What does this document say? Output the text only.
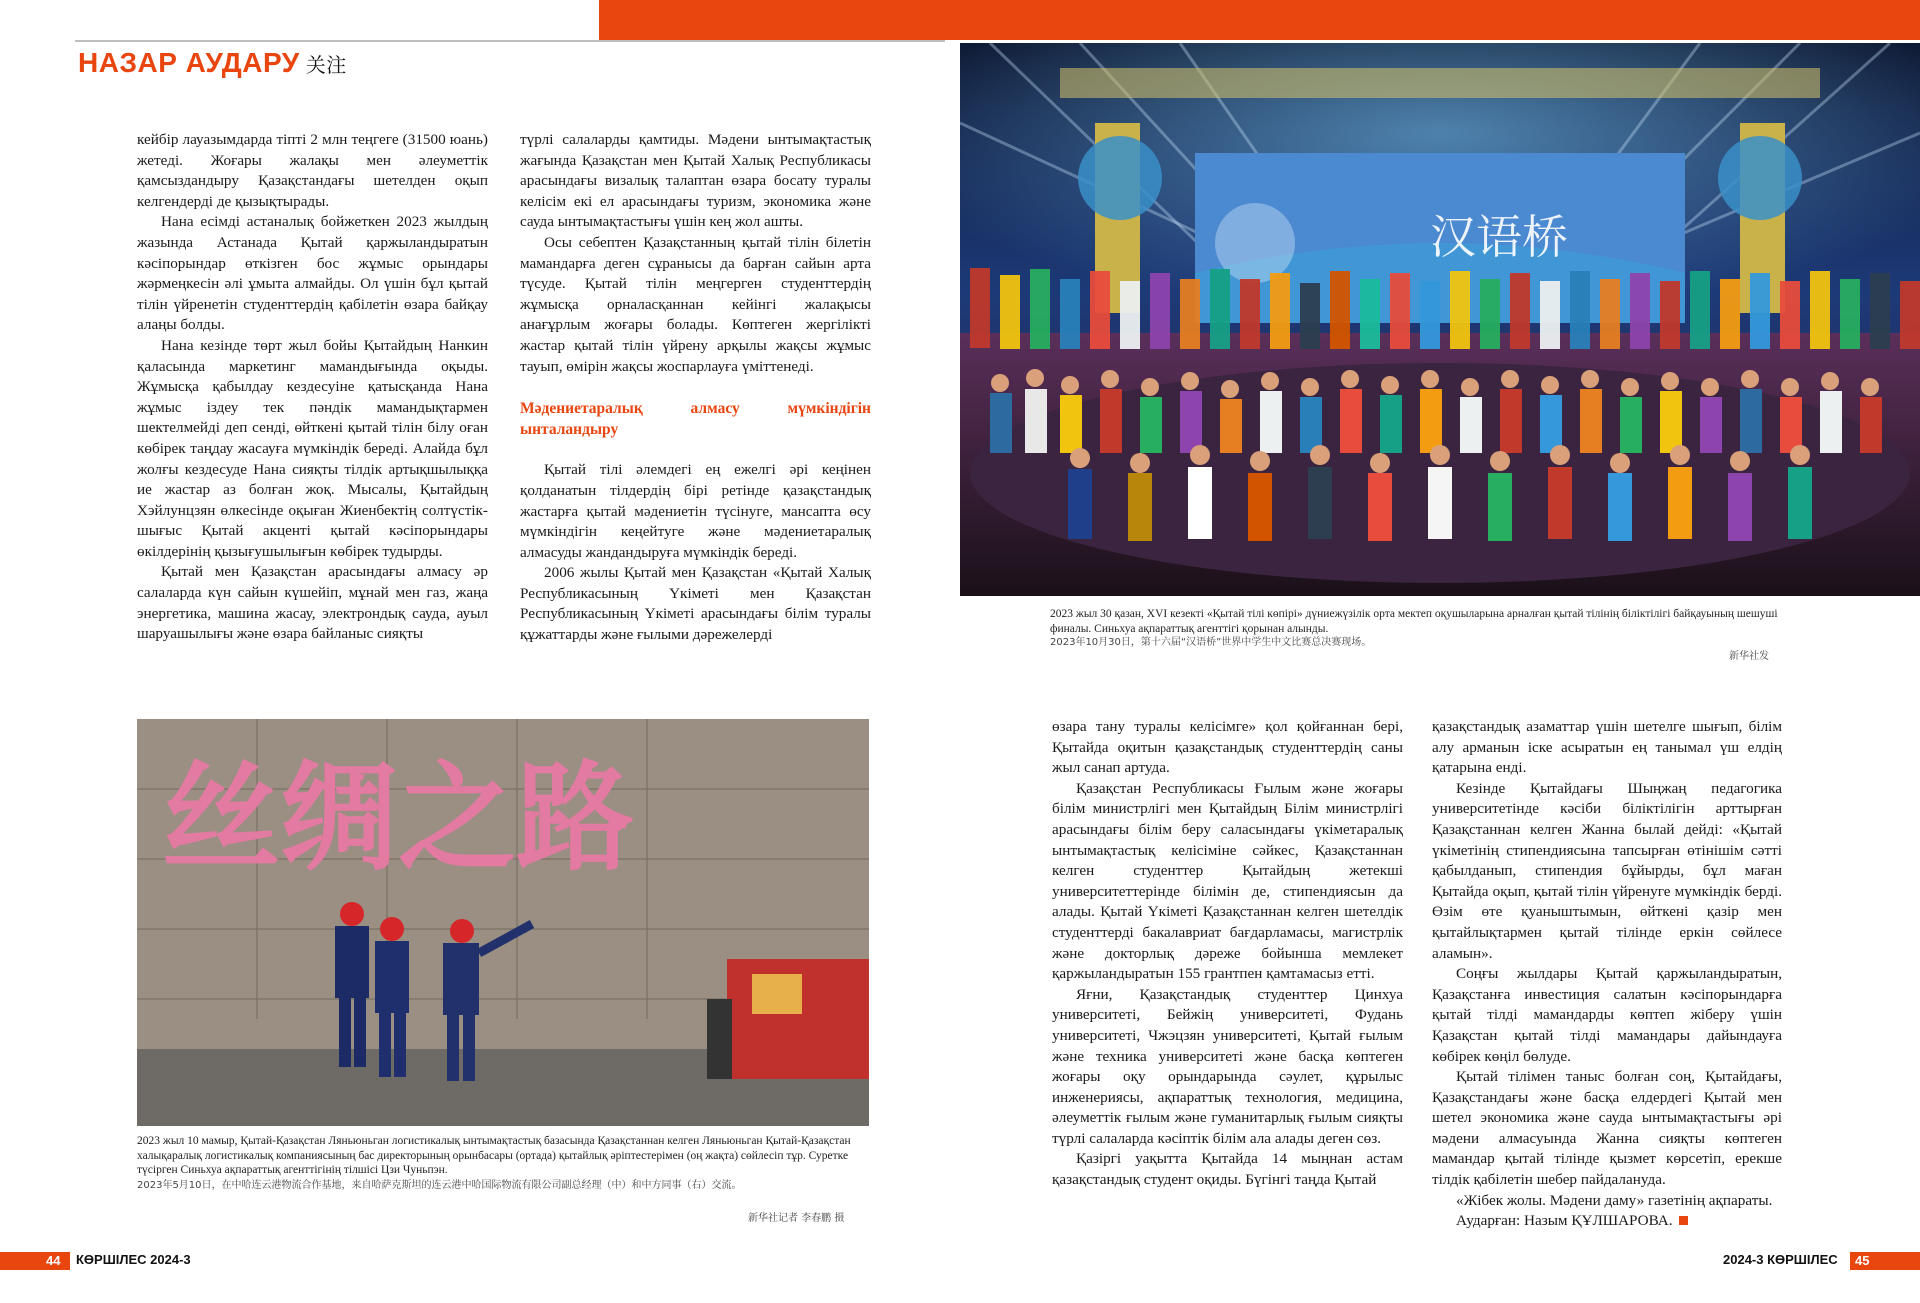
НАЗАР АУДАРУ 关注

кейбір лауазымдарда тіпті 2 млн теңгеге (31500 юань) жетеді. Жоғары жалақы мен әлеуметтік қамсыздандыру Қазақстандағы шетелден оқып келгендерді де қызықтырады.

Нана есімді астаналық бойжеткен 2023 жылдың жазында Астанада Қытай қаржыландыратын кәсіпорындар өткізген бос жұмыс орындары жәрмеңкесін әлі ұмыта алмайды. Ол үшін бұл қытай тілін үйренетін студенттердің қабілетін өзара байқау алаңы болды.

Нана кезінде төрт жыл бойы Қытайдың Нанкин қаласында маркетинг мамандығында оқыды. Жұмысқа қабылдау кездесуіне қатысқанда Нана жұмыс іздеу тек пәндік мамандықтармен шектелмейді деп сенді, өйткені қытай тілін білу оған көбірек таңдау жасауға мүмкіндік береді. Алайда бұл жолғы кездесуде Нана сияқты тілдік артықшылыққа ие жастар аз болған жоқ. Мысалы, Қытайдың Хэйлунцзян өлкесінде оқыған Жиенбектің солтүстік-шығыс Қытай акценті қытай кәсіпорындары өкілдерінің қызығушылығын көбірек тудырды.

Қытай мен Қазақстан арасындағы алмасу әр салаларда күн сайын күшейіп, мұнай мен газ, жаңа энергетика, машина жасау, электрондық сауда, ауыл шаруашылығы және өзара байланыс сияқты

түрлі салаларды қамтиды. Мәдени ынтымақтастық жағында Қазақстан мен Қытай Халық Республикасы арасындағы визалық талаптан өзара босату туралы келісім екі ел арасындағы туризм, экономика және сауда ынтымақтастығы үшін кең жол ашты.

Осы себептен Қазақстанның қытай тілін білетін мамандарға деген сұранысы да барған сайын арта түсуде. Қытай тілін меңгерген студенттердің жұмысқа орналасқаннан кейінгі жалақысы анағұрлым жоғары болады. Көптеген жергілікті жастар қытай тілін үйрену арқылы жақсы жұмыс тауып, өмірін жақсы жоспарлауға үміттенеді.

Мәдениетаралық алмасу мүмкіндігін ынталандыру

Қытай тілі әлемдегі ең ежелгі әрі кеңінен қолданатын тілдердің бірі ретінде қазақстандық жастарға қытай мәдениетін түсінуге, мансапта өсу мүмкіндігін кеңейтуге және мәдениетаралық алмасуды жандандыруға мүмкіндік береді.

2006 жылы Қытай мен Қазақстан «Қытай Халық Республикасының Үкіметі мен Қазақстан Республикасының Үкіметі арасындағы білім туралы құжаттарды және ғылыми дәрежелерді

汉语桥
2023 жыл 30 қазан, XVI кезекті «Қытай тілі көпірі» дүниежүзілік орта мектеп оқушыларына арналған қытай тілінің біліктілігі байқауының шешуші финалы. Синьхуа ақпараттық агенттігі қорынан алынды.
2023年10月30日，第十六届“汉语桥”世界中学生中文比赛总决赛现场。
新华社发
丝绸之路
2023 жыл 10 мамыр, Қытай-Қазақстан Ляньюньган логистикалық ынтымақтастық базасында Қазақстаннан келген Ляньюньган Қытай-Қазақстан халықаралық логистикалық компаниясының бас директорының орынбасары (ортада) қытайлық әріптестерімен (оң жақта) сөйлесіп тұр. Суретке түсірген Синьхуа ақпараттық агенттігінің тілшісі Цзи Чуньпэн.
2023年5月10日，在中哈连云港物流合作基地，来自哈萨克斯坦的连云港中哈国际物流有限公司副总经理（中）和中方同事（右）交流。
新华社记者 李春鹏 摄

өзара тану туралы келісімге» қол қойғаннан бері, Қытайда оқитын қазақстандық студенттердің саны жыл санап артуда.

Қазақстан Республикасы Ғылым және жоғары білім министрлігі мен Қытайдың Білім министрлігі арасындағы білім беру саласындағы үкіметаралық ынтымақтастық келісіміне сәйкес, Қазақстаннан келген студенттер Қытайдың жетекші университеттерінде білімін де, стипендиясын да алады. Қытай Үкіметі Қазақстаннан келген шетелдік студенттерді бакалавриат бағдарламасы, магистрлік және докторлық дәреже бойынша мемлекет қаржыландыратын 155 грантпен қамтамасыз етті.

Яғни, Қазақстандық студенттер Цинхуа университеті, Бейжің университеті, Фудань университеті, Чжэцзян университеті, Қытай ғылым және техника университеті және басқа көптеген жоғары оқу орындарында сәулет, құрылыс инженериясы, ақпараттық технология, медицина, әлеуметтік ғылым және гуманитарлық ғылым сияқты түрлі салаларда кәсіптік білім ала алады деген сөз.

Қазіргі уақытта Қытайда 14 мыңнан астам қазақстандық студент оқиды. Бүгінгі таңда Қытай

қазақстандық азаматтар үшін шетелге шығып, білім алу арманын іске асыратын ең танымал үш елдің қатарына енді.

Кезінде Қытайдағы Шыңжаң педагогика университетінде кәсіби біліктілігін арттырған Қазақстаннан келген Жанна былай дейді: «Қытай үкіметінің стипендиясына тапсырған өтінішім сәтті қабылданып, стипендия бұйырды, бұл маған Қытайда оқып, қытай тілін үйренуге мүмкіндік берді. Өзім өте қуаныштымын, өйткені қазір мен қытайлықтармен қытай тілінде еркін сөйлесе аламын».

Соңғы жылдары Қытай қаржыландыратын, Қазақстанға инвестиция салатын кәсіпорындарға қытай тілді мамандарды көптеп жіберу үшін Қазақстан қытай тілді мамандары дайындауға көбірек көңіл бөлуде.

Қытай тілімен таныс болған соң, Қытайдағы, Қазақстандағы және басқа елдердегі Қытай мен шетел экономика және сауда ынтымақтастығы әрі мәдени алмасуында Жанна сияқты көптеген мамандар қытай тілінде қызмет көрсетіп, ерекше тілдік қабілетін шебер пайдалануда.

«Жібек жолы. Мәдени даму» газетінің ақпараты.

Аударған: Назым ҚҰЛШАРОВА.

44 КӨРШІЛЕС 2024-3	2024-3 КӨРШІЛЕС 45
